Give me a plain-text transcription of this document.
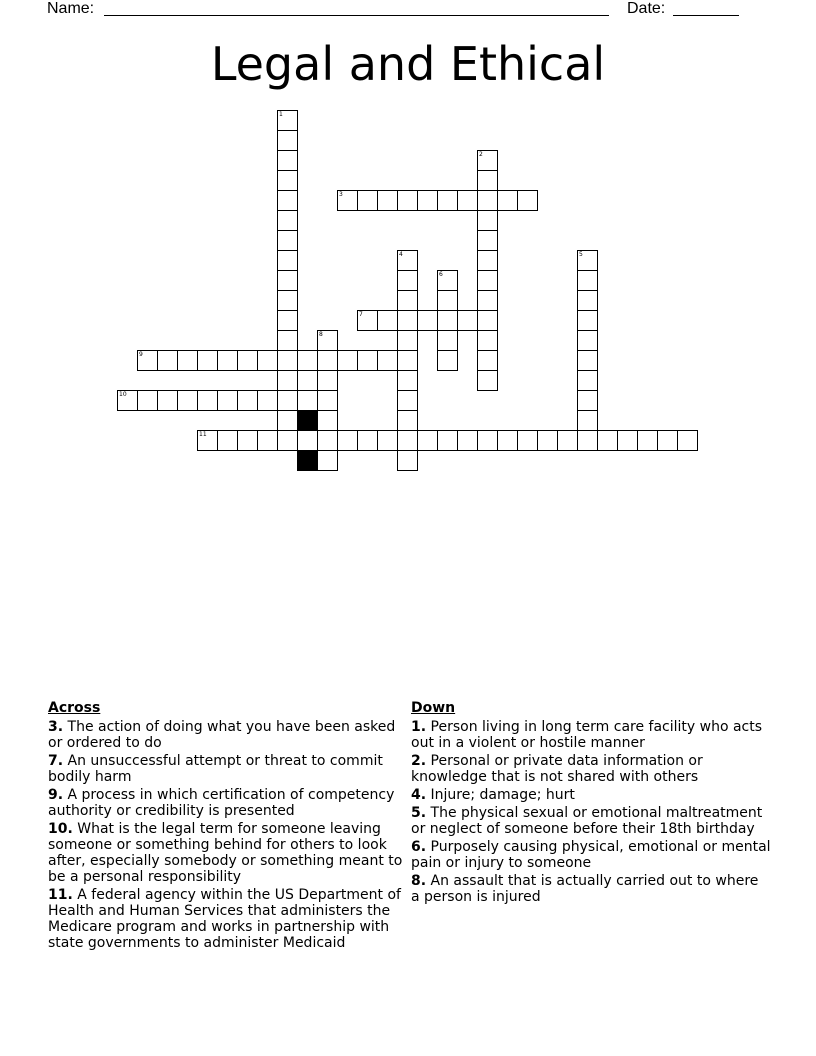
Name:	Date:
Legal and Ethical
1
2
3
4	5
6
7
8
9
10
11
Across
3. The action of doing what you have been asked or ordered to do
7. An unsuccessful attempt or threat to commit bodily harm
9. A process in which certification of competency authority or credibility is presented
10. What is the legal term for someone leaving someone or something behind for others to look after, especially somebody or something meant to be a personal responsibility
11. A federal agency within the US Department of Health and Human Services that administers the Medicare program and works in partnership with state governments to administer Medicaid
Down
1. Person living in long term care facility who acts out in a violent or hostile manner
2. Personal or private data information or knowledge that is not shared with others
4. Injure; damage; hurt
5. The physical sexual or emotional maltreatment or neglect of someone before their 18th birthday
6. Purposely causing physical, emotional or mental pain or injury to someone
8. An assault that is actually carried out to where a person is injured
